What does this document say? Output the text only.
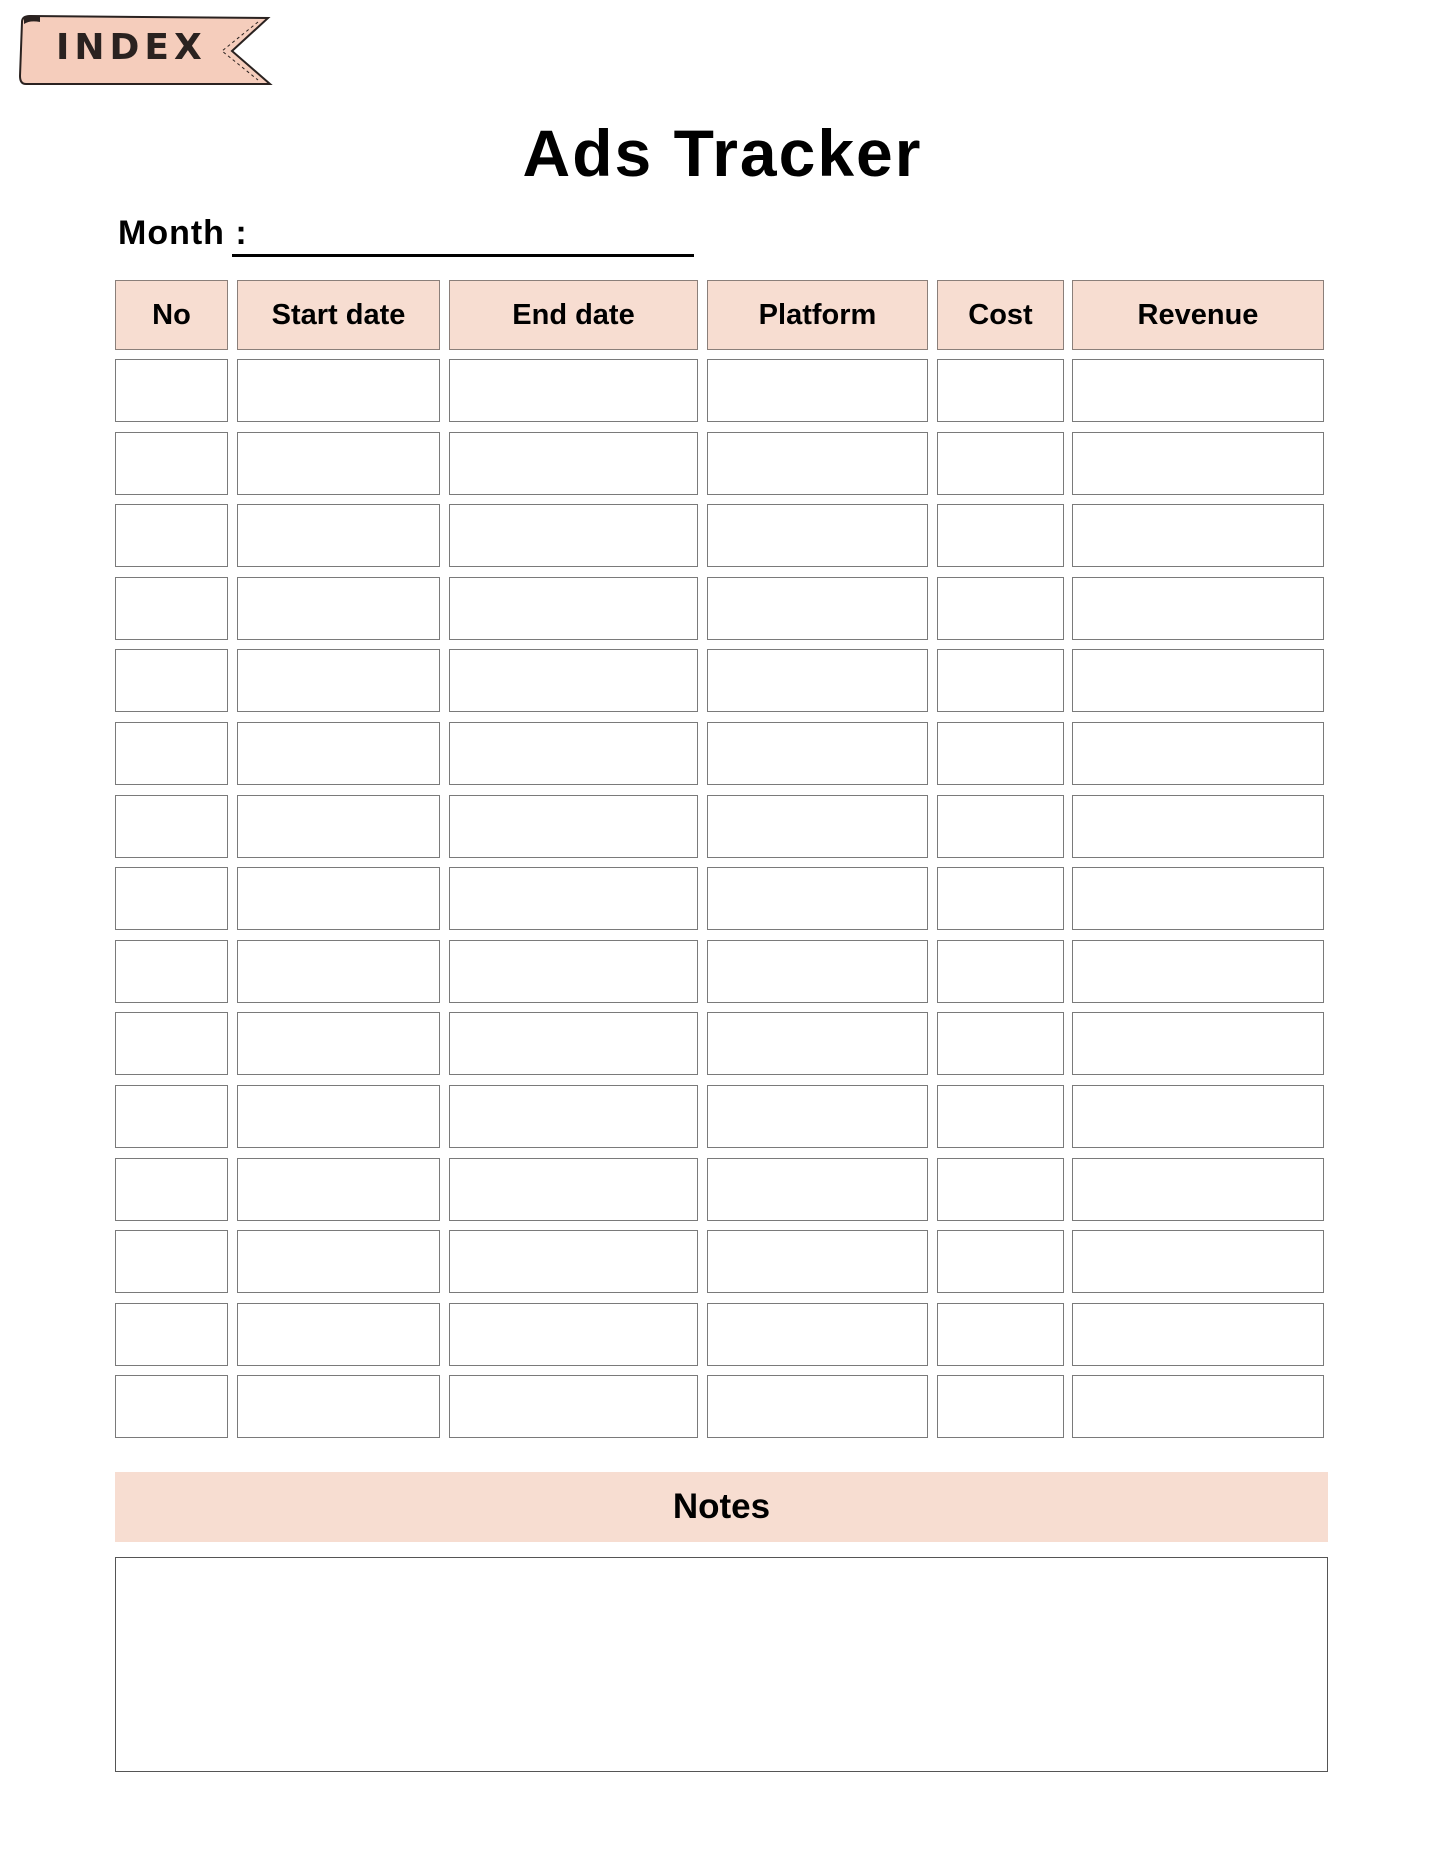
INDEX
Ads Tracker
Month :
No	Start date	End date	Platform	Cost	Revenue
Notes
